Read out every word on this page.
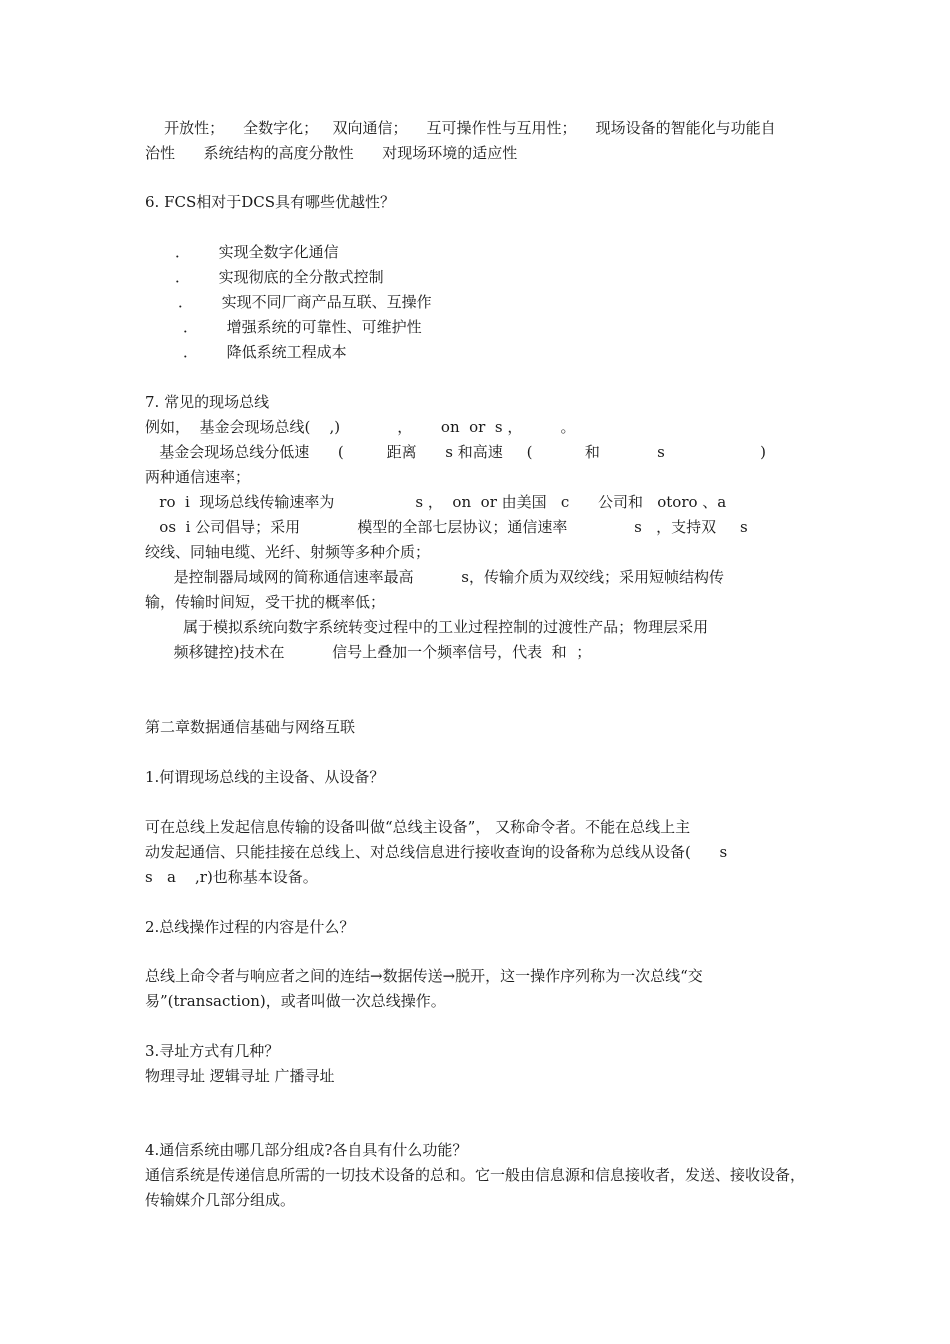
开放性；    全数字化；   双向通信；    互可操作性与互用性；    现场设备的智能化与功能自
治性      系统结构的高度分散性      对现场环境的适应性
6. FCS相对于DCS具有哪些优越性？
．      实现全数字化通信
．      实现彻底的全分散式控制
．      实现不同厂商产品互联、互操作
．      增强系统的可靠性、可维护性
．      降低系统工程成本
7. 常见的现场总线
例如，  基金会现场总线(    ,)            ，      on  or  s ，        。
基金会现场总线分低速      (         距离      s 和高速     (           和            s                    )
两种通信速率；
ro  i  现场总线传输速率为                 s ，  on  or 由美国   c      公司和   otoro 、a
os  i 公司倡导；采用            模型的全部七层协议；通信速率              s   ，支持双     s
绞线、同轴电缆、光纤、射频等多种介质；
是控制器局域网的简称通信速率最高          s，传输介质为双绞线；采用短帧结构传
输，传输时间短，受干扰的概率低；
属于模拟系统向数字系统转变过程中的工业过程控制的过渡性产品；物理层采用
频移键控)技术在          信号上叠加一个频率信号，代表  和  ；
第二章数据通信基础与网络互联
1.何谓现场总线的主设备、从设备？
可在总线上发起信息传输的设备叫做“总线主设备”， 又称命令者。不能在总线上主
动发起通信、只能挂接在总线上、对总线信息进行接收查询的设备称为总线从设备(      s
s   a    ,r)也称基本设备。
2.总线操作过程的内容是什么？
总线上命令者与响应者之间的连结→数据传送→脱开，这一操作序列称为一次总线“交
易”(transaction)，或者叫做一次总线操作。
3.寻址方式有几种？
物理寻址 逻辑寻址 广播寻址
4.通信系统由哪几部分组成?各自具有什么功能？
通信系统是传递信息所需的一切技术设备的总和。它一般由信息源和信息接收者，发送、接收设备，
传输媒介几部分组成。
